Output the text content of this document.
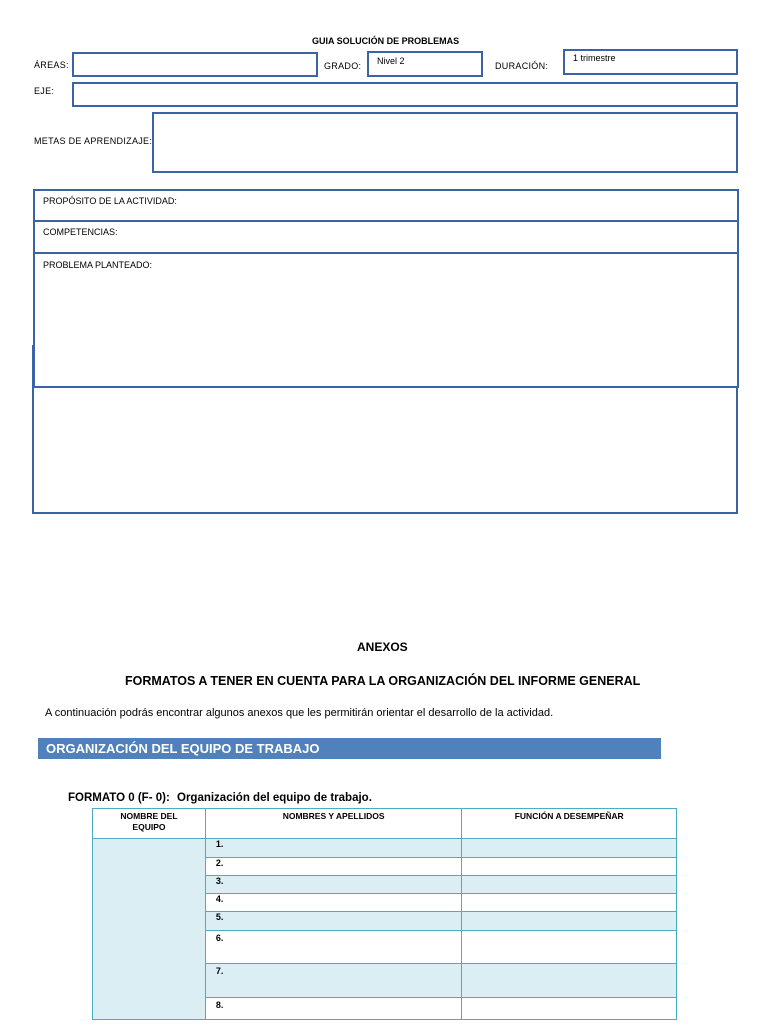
GUIA SOLUCIÓN DE PROBLEMAS
ÁREAS:	GRADO:	Nivel 2	DURACIÓN:
1 trimestre
EJE:
METAS DE APRENDIZAJE:
PROPÓSITO DE LA ACTIVIDAD:
COMPETENCIAS:
PROBLEMA PLANTEADO:
ANEXOS
FORMATOS A TENER EN CUENTA PARA LA ORGANIZACIÓN DEL INFORME GENERAL
A continuación podrás encontrar algunos anexos que les permitirán orientar el desarrollo de la actividad.
ORGANIZACIÓN DEL EQUIPO DE TRABAJO
FORMATO 0 (F- 0): Organización del equipo de trabajo.
NOMBRE DEL EQUIPO	NOMBRES Y APELLIDOS	FUNCIÓN A DESEMPEÑAR
	1.	
	2.	
	3.	
	4.	
	5.	
	6.	
	7.	
	8.	
